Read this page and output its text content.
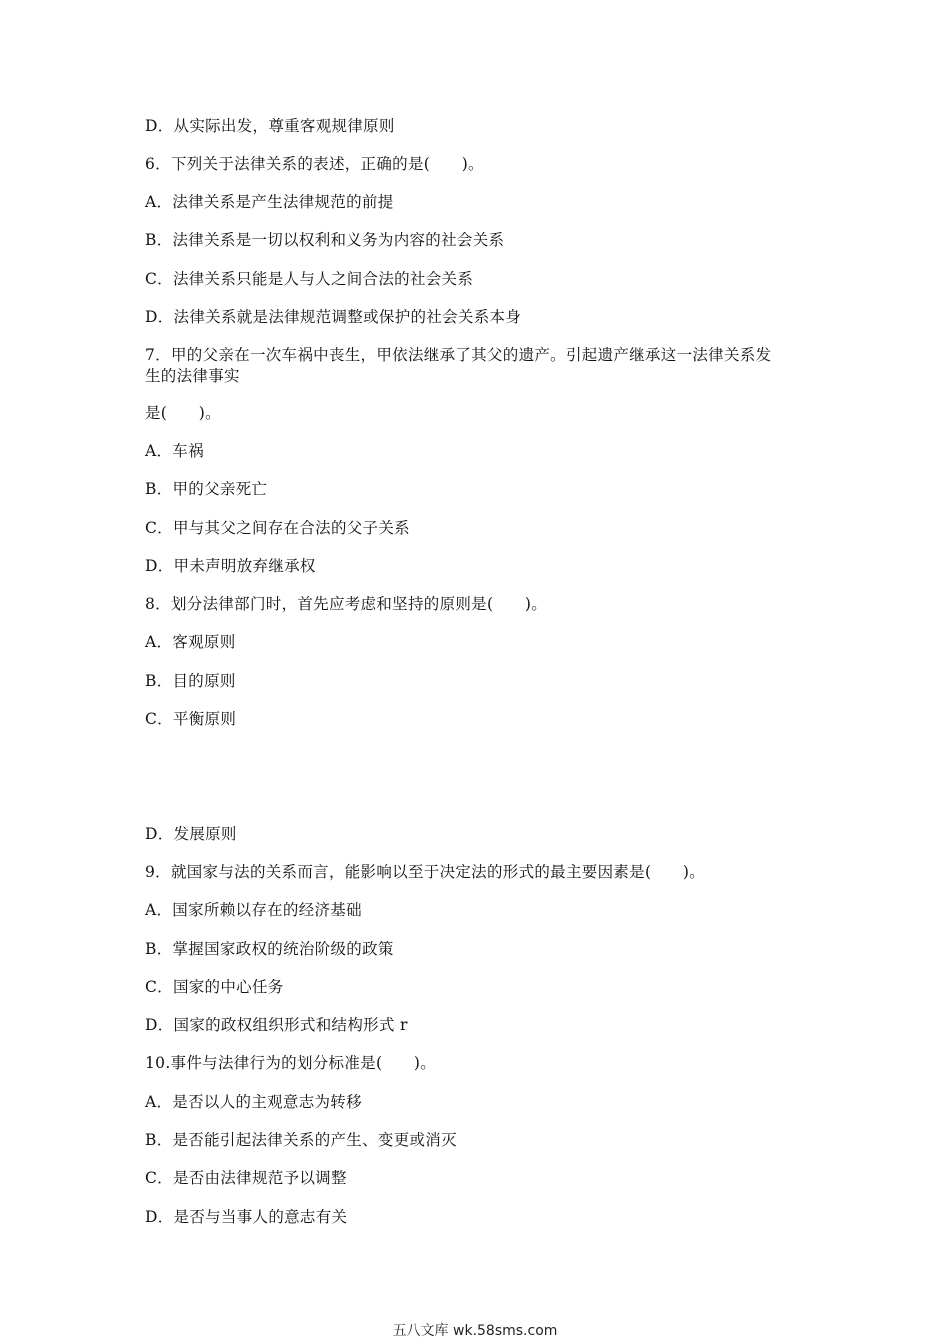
D．从实际出发，尊重客观规律原则
6．下列关于法律关系的表述，正确的是(　　)。
A．法律关系是产生法律规范的前提
B．法律关系是一切以权利和义务为内容的社会关系
C．法律关系只能是人与人之间合法的社会关系
D．法律关系就是法律规范调整或保护的社会关系本身
7．甲的父亲在一次车祸中丧生，甲依法继承了其父的遗产。引起遗产继承这一法律关系发
生的法律事实
是(　　)。
A．车祸
B．甲的父亲死亡
C．甲与其父之间存在合法的父子关系
D．甲未声明放弃继承权
8．划分法律部门时，首先应考虑和坚持的原则是(　　)。
A．客观原则
B．目的原则
C．平衡原则
D．发展原则
9．就国家与法的关系而言，能影响以至于决定法的形式的最主要因素是(　　)。
A．国家所赖以存在的经济基础
B．掌握国家政权的统治阶级的政策
C．国家的中心任务
D．国家的政权组织形式和结构形式 r
10.事件与法律行为的划分标准是(　　)。
A．是否以人的主观意志为转移
B．是否能引起法律关系的产生、变更或消灭
C．是否由法律规范予以调整
D．是否与当事人的意志有关
五八文库 wk.58sms.com
